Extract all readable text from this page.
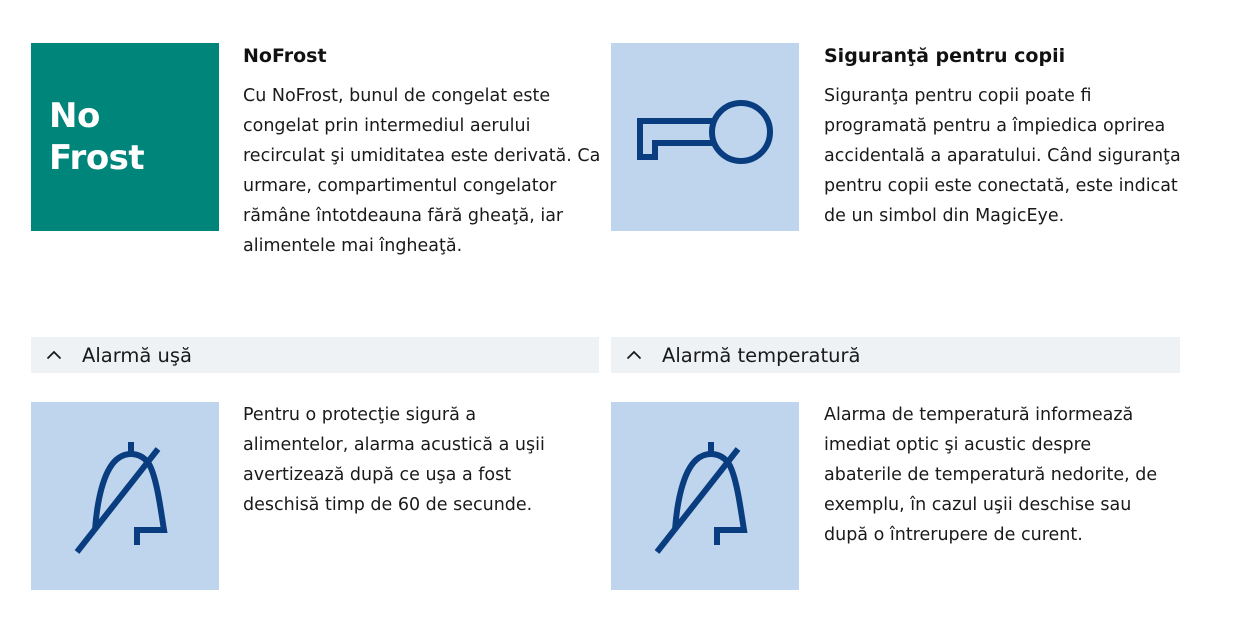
No
Frost
NoFrost
Cu NoFrost, bunul de congelat este congelat prin intermediul aerului recirculat şi umiditatea este derivată. Ca urmare, compartimentul congelator rămâne întotdeauna fără gheaţă, iar alimentele mai îngheaţă.
Siguranţă pentru copii
Siguranţa pentru copii poate fi programată pentru a împiedica oprirea accidentală a aparatului. Când siguranţa pentru copii este conectată, este indicat de un simbol din MagicEye.
Alarmă uşă
Pentru o protecţie sigură a alimentelor, alarma acustică a uşii avertizează după ce uşa a fost deschisă timp de 60 de secunde.
Alarmă temperatură
Alarma de temperatură informează imediat optic şi acustic despre abaterile de temperatură nedorite, de exemplu, în cazul uşii deschise sau după o întrerupere de curent.
